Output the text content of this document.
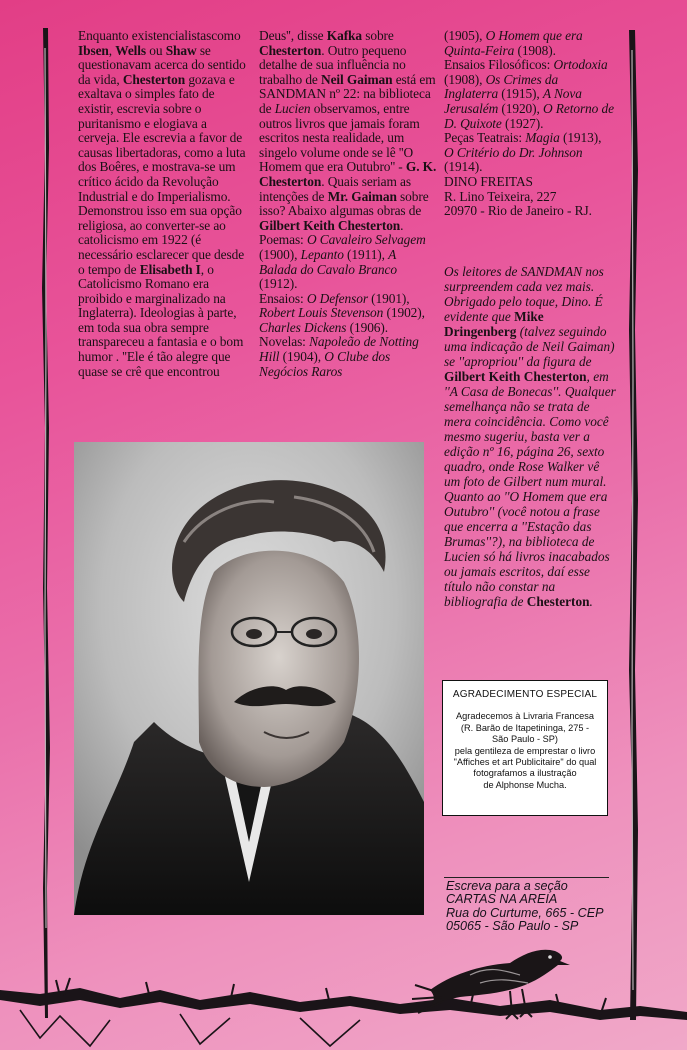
Enquanto existencialistascomo Ibsen, Wells ou Shaw se questionavam acerca do sentido da vida, Chesterton gozava e exaltava o simples fato de existir, escrevia sobre o puritanismo e elogiava a cerveja. Ele escrevia a favor de causas libertadoras, como a luta dos Boêres, e mostrava-se um crítico ácido da Revolução Industrial e do Imperialismo. Demonstrou isso em sua opção religiosa, ao converter-se ao catolicismo em 1922 (é necessário esclarecer que desde o tempo de Elisabeth I, o Catolicismo Romano era proibido e marginalizado na Inglaterra). Ideologias à parte, em toda sua obra sempre transpareceu a fantasia e o bom humor . ''Ele é tão alegre que quase se crê que encontrou
Deus'', disse Kafka sobre Chesterton. Outro pequeno detalhe de sua influência no trabalho de Neil Gaiman está em SANDMAN nº 22: na biblioteca de Lucien observamos, entre outros livros que jamais foram escritos nesta realidade, um singelo volume onde se lê ''O Homem que era Outubro'' - G. K. Chesterton. Quais seriam as intenções de Mr. Gaiman sobre isso? Abaixo algumas obras de Gilbert Keith Chesterton.
Poemas: O Cavaleiro Selvagem (1900), Lepanto (1911), A Balada do Cavalo Branco (1912).
Ensaios: O Defensor (1901), Robert Louis Stevenson (1902), Charles Dickens (1906).
Novelas: Napoleão de Notting Hill (1904), O Clube dos Negócios Raros
(1905), O Homem que era Quinta-Feira (1908).
Ensaios Filosóficos: Ortodoxia (1908), Os Crimes da Inglaterra (1915), A Nova Jerusalém (1920), O Retorno de D. Quixote (1927).
Peças Teatrais: Magia (1913), O Critério do Dr. Johnson (1914).
DINO FREITAS
R. Lino Teixeira, 227
20970 - Rio de Janeiro - RJ.
Os leitores de SANDMAN nos surpreendem cada vez mais. Obrigado pelo toque, Dino. É evidente que Mike Dringenberg (talvez seguindo uma indicação de Neil Gaiman) se ''apropriou'' da figura de Gilbert Keith Chesterton, em ''A Casa de Bonecas''. Qualquer semelhança não se trata de mera coincidência. Como você mesmo sugeriu, basta ver a edição nº 16, página 26, sexto quadro, onde Rose Walker vê um foto de Gilbert num mural. Quanto ao ''O Homem que era Outubro'' (você notou a frase que encerra a ''Estação das Brumas''?), na biblioteca de Lucien só há livros inacabados ou jamais escritos, daí esse título não constar na bibliografia de Chesterton.
AGRADECIMENTO ESPECIAL
Agradecemos à Livraria Francesa
(R. Barão de Itapetininga, 275 -
São Paulo - SP)
pela gentileza de emprestar o livro
"Affiches et art Publicitaire" do qual
fotografamos a ilustração
de Alphonse Mucha.
Escreva para a seção
CARTAS NA AREIA
Rua do Curtume, 665 - CEP
05065 - São Paulo - SP
